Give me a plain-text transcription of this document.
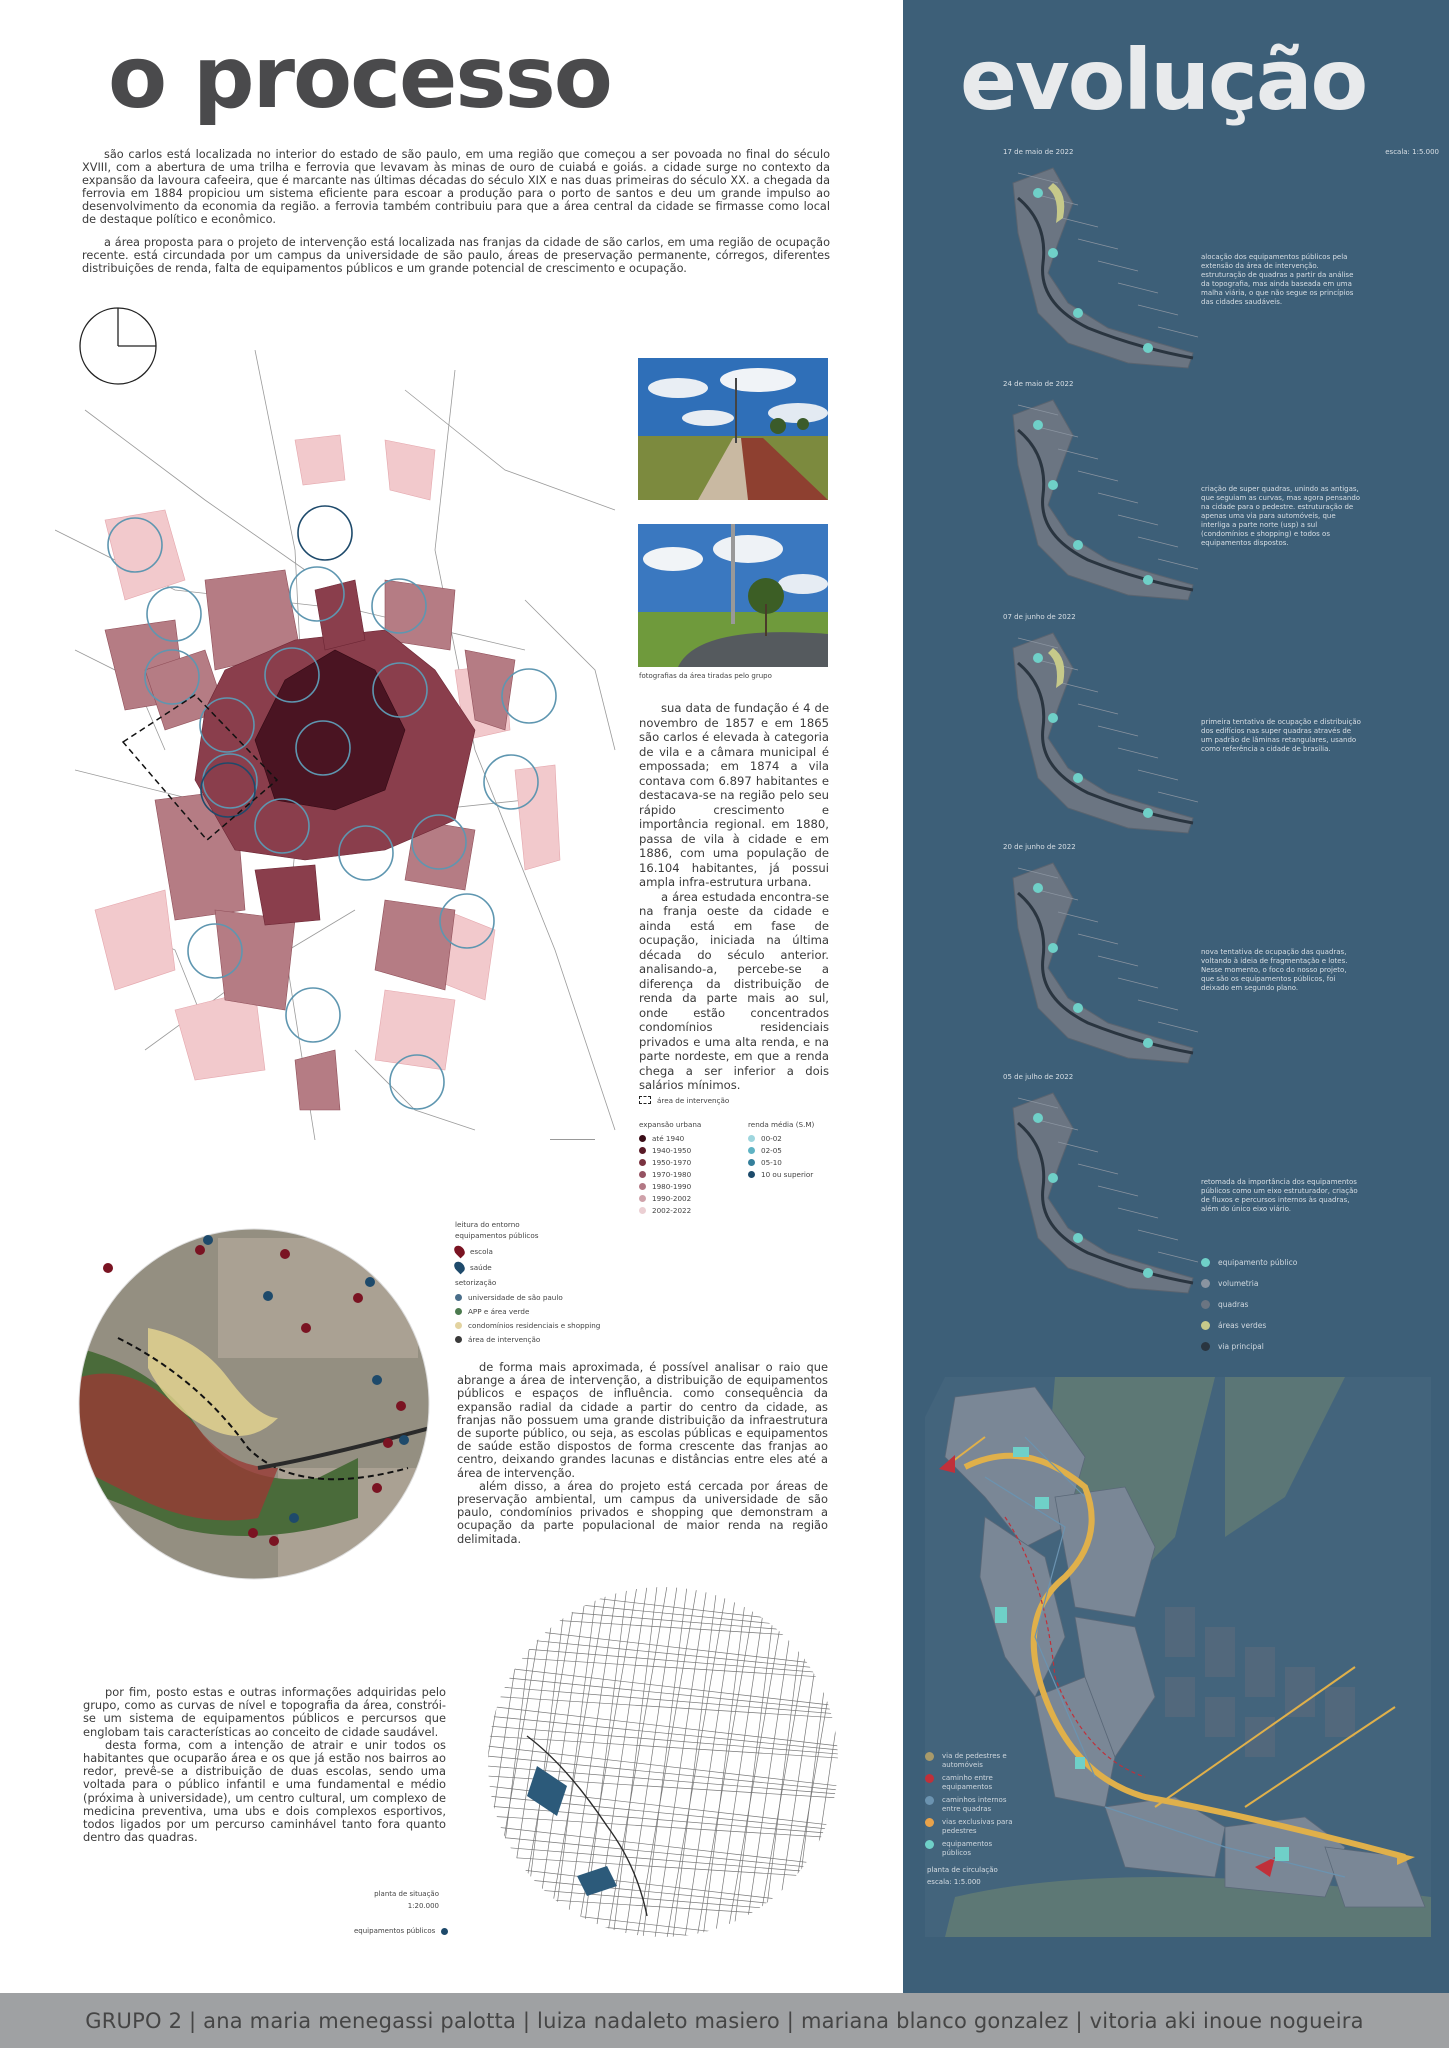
o processo

são carlos está localizada no interior do estado de são paulo, em uma região que começou a ser povoada no final do século XVIII, com a abertura de uma trilha e ferrovia que levavam às minas de ouro de cuiabá e goiás. a cidade surge no contexto da expansão da lavoura cafeeira, que é marcante nas últimas décadas do século XIX e nas duas primeiras do século XX. a chegada da ferrovia em 1884 propiciou um sistema eficiente para escoar a produção para o porto de santos e deu um grande impulso ao desenvolvimento da economia da região. a ferrovia também contribuiu para que a área central da cidade se firmasse como local de destaque político e econômico.

a área proposta para o projeto de intervenção está localizada nas franjas da cidade de são carlos, em uma região de ocupação recente. está circundada por um campus da universidade de são paulo, áreas de preservação permanente, córregos, diferentes distribuições de renda, falta de equipamentos públicos e um grande potencial de crescimento e ocupação.

fotografias da área tiradas pelo grupo

sua data de fundação é 4 de novembro de 1857 e em 1865 são carlos é elevada à categoria de vila e a câmara municipal é empossada; em 1874 a vila contava com 6.897 habitantes e destacava-se na região pelo seu rápido crescimento e importância regional. em 1880, passa de vila à cidade e em 1886, com uma população de 16.104 habitantes, já possui ampla infra-estrutura urbana.

a área estudada encontra-se na franja oeste da cidade e ainda está em fase de ocupação, iniciada na última década do século anterior. analisando-a, percebe-se a diferença da distribuição de renda da parte mais ao sul, onde estão concentrados condomínios residenciais privados e uma alta renda, e na parte nordeste, em que a renda chega a ser inferior a dois salários mínimos.

área de intervenção
expansão urbana
até 1940
1940-1950
1950-1970
1970-1980
1980-1990
1990-2002
2002-2022
renda média (S.M)
00-02
02-05
05-10
10 ou superior
leitura do entorno
equipamentos públicos
escola
saúde
setorização
universidade de são paulo
APP e área verde
condomínios residenciais e shopping
área de intervenção

de forma mais aproximada, é possível analisar o raio que abrange a área de intervenção, a distribuição de equipamentos públicos e espaços de influência. como consequência da expansão radial da cidade a partir do centro da cidade, as franjas não possuem uma grande distribuição da infraestrutura de suporte público, ou seja, as escolas públicas e equipamentos de saúde estão dispostos de forma crescente das franjas ao centro, deixando grandes lacunas e distâncias entre eles até a área de intervenção.

além disso, a área do projeto está cercada por áreas de preservação ambiental, um campus da universidade de são paulo, condomínios privados e shopping que demonstram a ocupação da parte populacional de maior renda na região delimitada.

por fim, posto estas e outras informações adquiridas pelo grupo, como as curvas de nível e topografia da área, constrói-se um sistema de equipamentos públicos e percursos que englobam tais características ao conceito de cidade saudável.

desta forma, com a intenção de atrair e unir todos os habitantes que ocuparão área e os que já estão nos bairros ao redor, prevê-se a distribuição de duas escolas, sendo uma voltada para o público infantil e uma fundamental e médio (próxima à universidade), um centro cultural, um complexo de medicina preventiva, uma ubs e dois complexos esportivos, todos ligados por um percurso caminhável tanto fora quanto dentro das quadras.

planta de situação
1:20.000
equipamentos públicos
evolução
escala: 1:5.000
17 de maio de 2022
alocação dos equipamentos públicos pela extensão da área de intervenção. estruturação de quadras a partir da análise da topografia, mas ainda baseada em uma malha viária, o que não segue os princípios das cidades saudáveis.
24 de maio de 2022
criação de super quadras, unindo as antigas, que seguiam as curvas, mas agora pensando na cidade para o pedestre. estruturação de apenas uma via para automóveis, que interliga a parte norte (usp) a sul (condomínios e shopping) e todos os equipamentos dispostos.
07 de junho de 2022
primeira tentativa de ocupação e distribuição dos edifícios nas super quadras através de um padrão de lâminas retangulares, usando como referência a cidade de brasília.
20 de junho de 2022
nova tentativa de ocupação das quadras, voltando à ideia de fragmentação e lotes. Nesse momento, o foco do nosso projeto, que são os equipamentos públicos, foi deixado em segundo plano.
05 de julho de 2022
retomada da importância dos equipamentos públicos como um eixo estruturador, criação de fluxos e percursos internos às quadras, além do único eixo viário.
equipamento público
volumetria
quadras
áreas verdes
via principal
via de pedestres e automóveis
caminho entre equipamentos
caminhos internos entre quadras
vias exclusivas para pedestres
equipamentos públicos
planta de circulação
escala: 1:5.000
GRUPO 2 | ana maria menegassi palotta | luiza nadaleto masiero | mariana blanco gonzalez | vitoria aki inoue nogueira
